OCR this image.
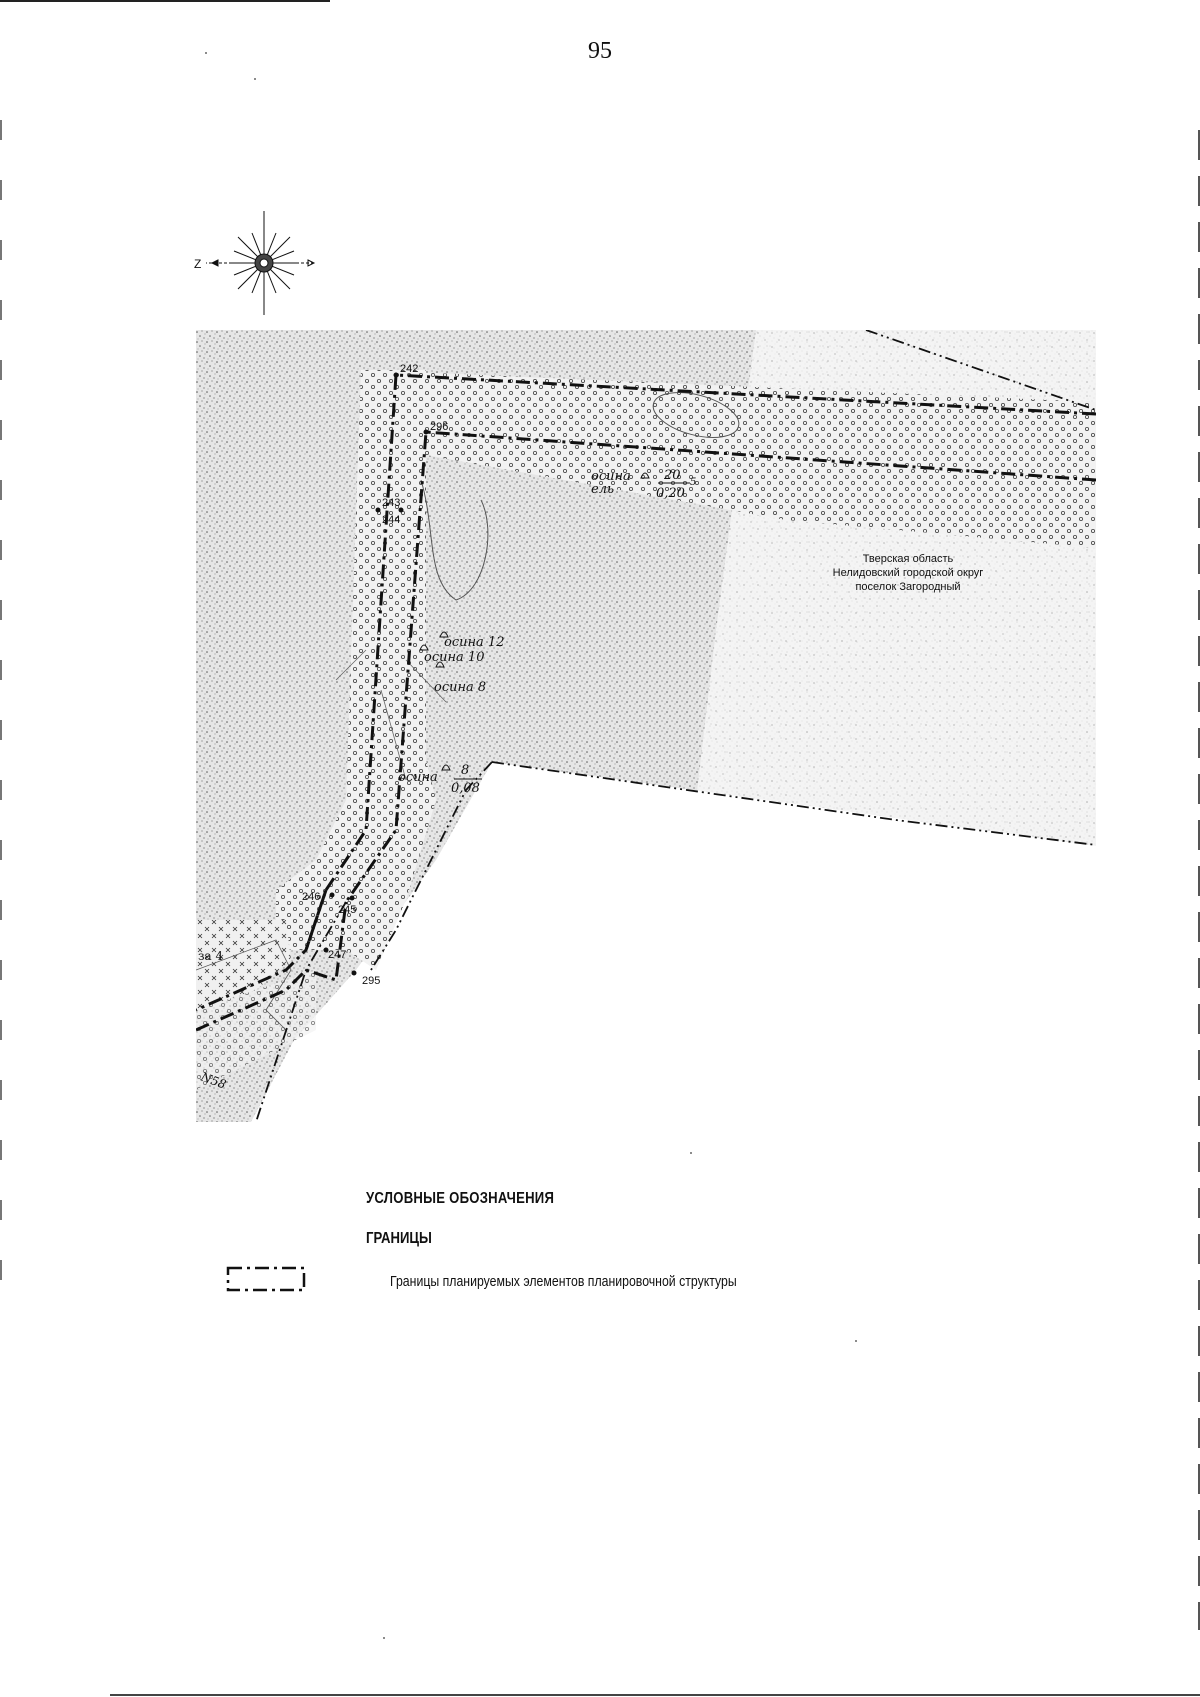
95
Z
242
296
243
244
246
245
247
295
осина
ель
20 5
0,20
осина 12
осина 10
осина 8
осина 8
0,08
за 4
N58
Тверская область
Нелидовский городской округ
поселок Загородный
УСЛОВНЫЕ ОБОЗНАЧЕНИЯ
ГРАНИЦЫ
Границы планируемых элементов планировочной структуры
